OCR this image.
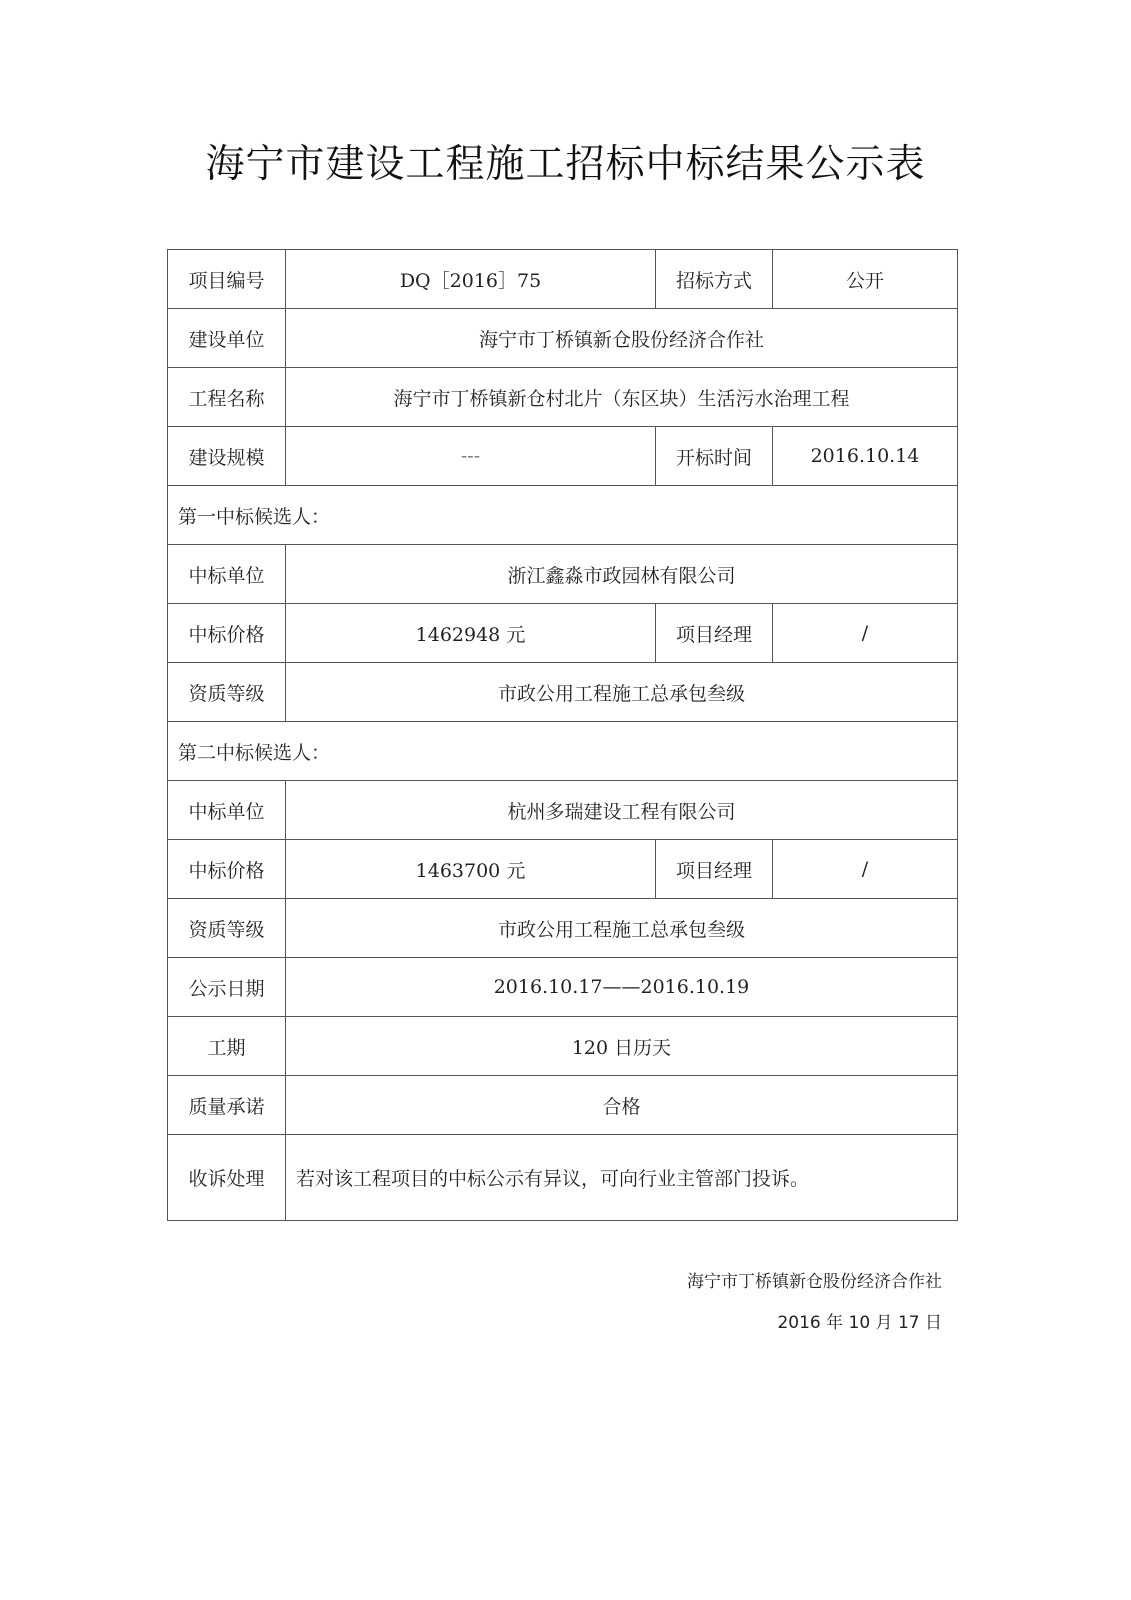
海宁市建设工程施工招标中标结果公示表
项目编号	DQ［2016］75	招标方式	公开
建设单位	海宁市丁桥镇新仓股份经济合作社		
工程名称	海宁市丁桥镇新仓村北片（东区块）生活污水治理工程		
建设规模	---	开标时间	2016.10.14
第一中标候选人：			
中标单位	浙江鑫淼市政园林有限公司		
中标价格	1462948 元	项目经理	/
资质等级	市政公用工程施工总承包叁级		
第二中标候选人：			
中标单位	杭州多瑞建设工程有限公司		
中标价格	1463700 元	项目经理	/
资质等级	市政公用工程施工总承包叁级		
公示日期	2016.10.17——2016.10.19		
工期	120 日历天		
质量承诺	合格		
收诉处理	若对该工程项目的中标公示有异议，可向行业主管部门投诉。		
海宁市丁桥镇新仓股份经济合作社
2016 年 10 月 17 日
